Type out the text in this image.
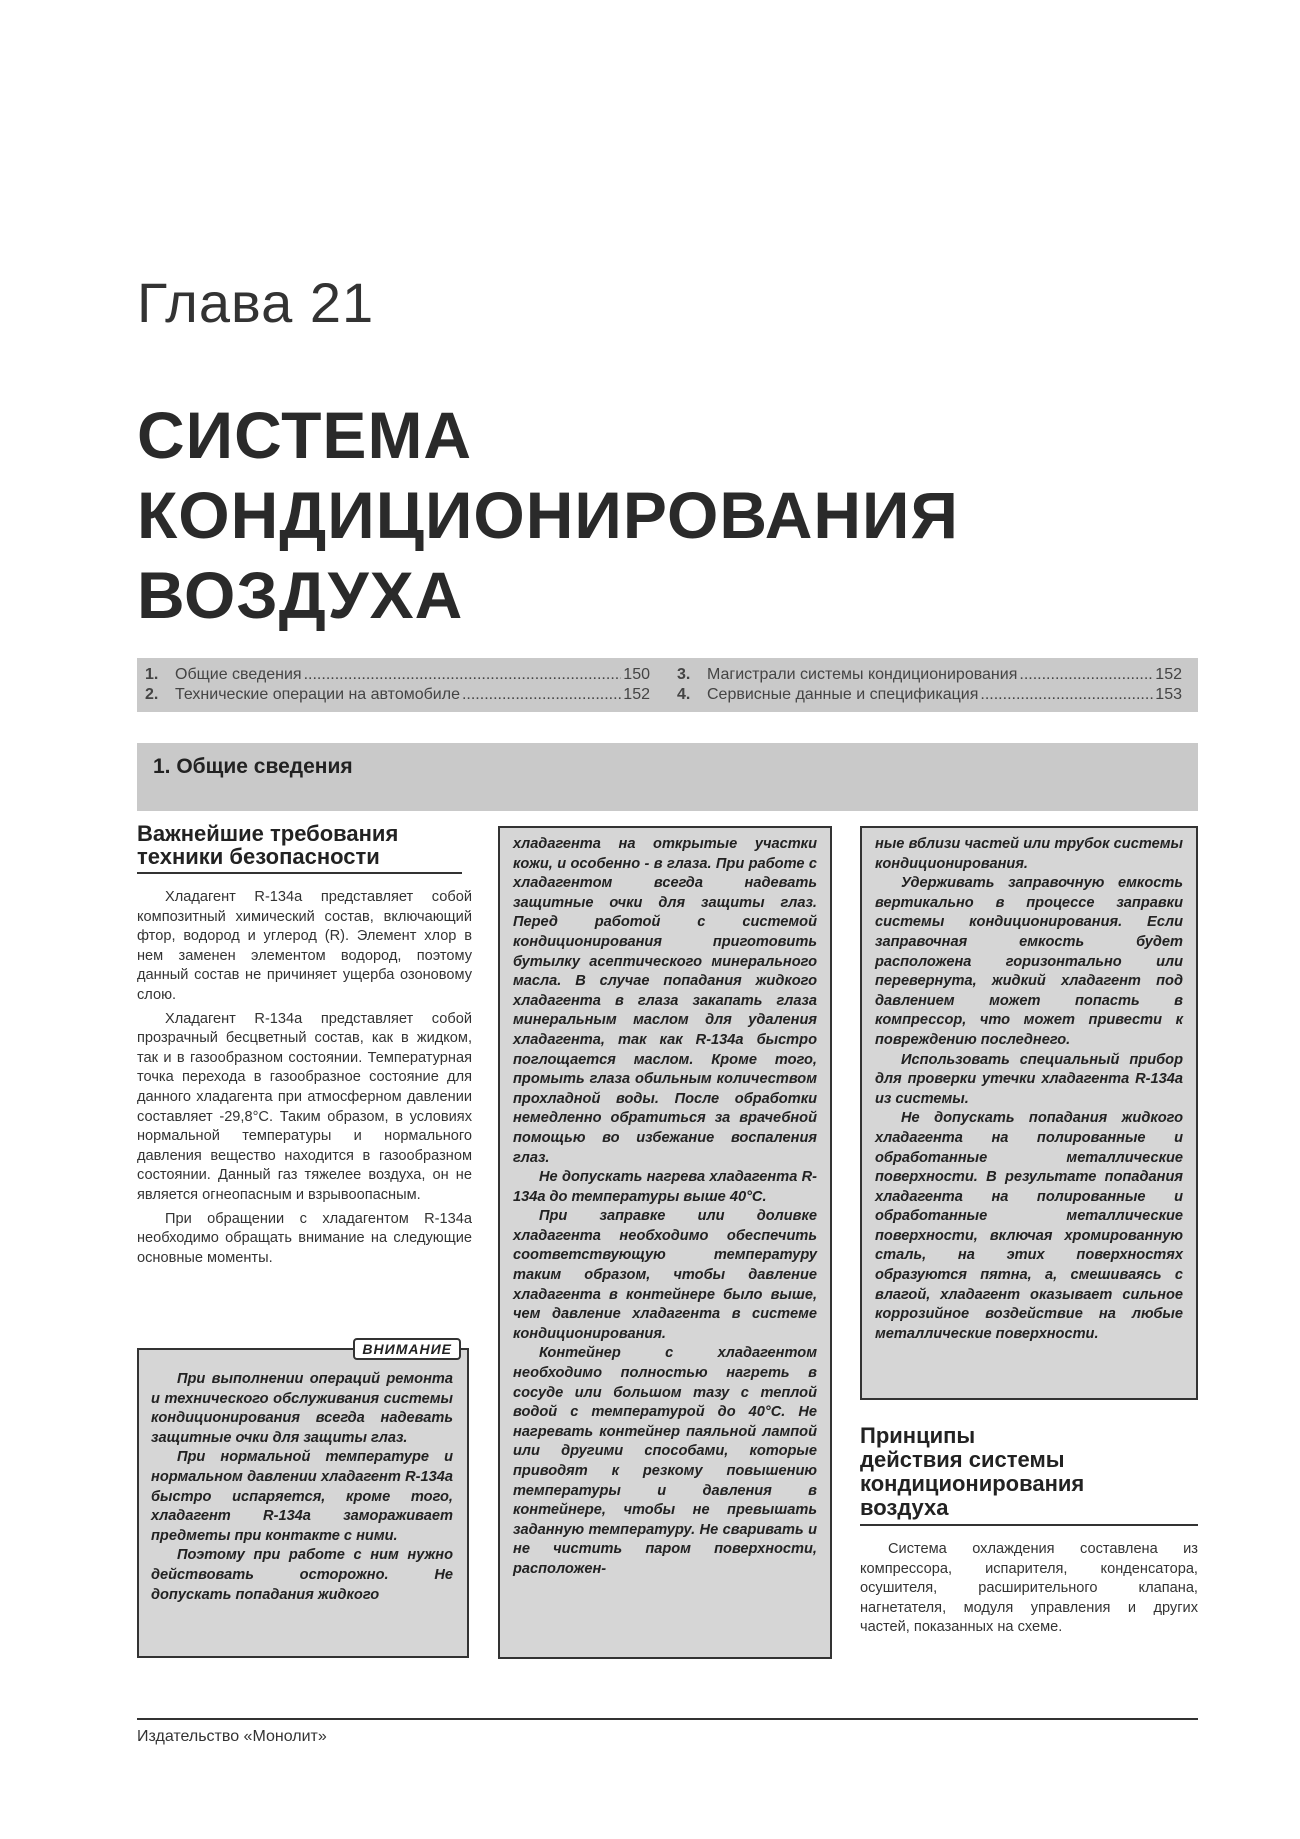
Глава 21
СИСТЕМА
КОНДИЦИОНИРОВАНИЯ
ВОЗДУХА
1.	Общие сведения .....	150
2.	Технические операции на автомобиле .....	152
3.	Магистрали системы кондиционирования .....	152
4.	Сервисные данные и спецификация .....	153
1. Общие сведения
Важнейшие требования
техники безопасности

Хладагент R-134a представляет собой композитный химический состав, включающий фтор, водород и углерод (R). Элемент хлор в нем заменен элементом водород, поэтому данный состав не причиняет ущерба озоновому слою.

Хладагент R-134a представляет собой прозрачный бесцветный состав, как в жидком, так и в газообразном состоянии. Температурная точка перехода в газообразное состояние для данного хладагента при атмосферном давлении составляет -29,8°С. Таким образом, в условиях нормальной температуры и нормального давления вещество находится в газообразном состоянии. Данный газ тяжелее воздуха, он не является огнеопасным и взрывоопасным.

При обращении с хладагентом R-134a необходимо обращать внимание на следующие основные моменты.

ВНИМАНИЕ

При выполнении операций ремонта и технического обслуживания системы кондиционирования всегда надевать защитные очки для защиты глаз.

При нормальной температуре и нормальном давлении хладагент R-134a быстро испаряется, кроме того, хладагент R-134a замораживает предметы при контакте с ними.

Поэтому при работе с ним нужно действовать осторожно. Не допускать попадания жидкого

хладагента на открытые участки кожи, и особенно - в глаза. При работе с хладагентом всегда надевать защитные очки для защиты глаз. Перед работой с системой кондиционирования приготовить бутылку асептического минерального масла. В случае попадания жидкого хладагента в глаза закапать глаза минеральным маслом для удаления хладагента, так как R-134a быстро поглощается маслом. Кроме того, промыть глаза обильным количеством прохладной воды. После обработки немедленно обратиться за врачебной помощью во избежание воспаления глаз.

Не допускать нагрева хладагента R-134a до температуры выше 40°С.

При заправке или доливке хладагента необходимо обеспечить соответствующую температуру таким образом, чтобы давление хладагента в контейнере было выше, чем давление хладагента в системе кондиционирования.

Контейнер с хладагентом необходимо полностью нагреть в сосуде или большом тазу с теплой водой с температурой до 40°С. Не нагревать контейнер паяльной лампой или другими способами, которые приводят к резкому повышению температуры и давления в контейнере, чтобы не превышать заданную температуру. Не сваривать и не чистить паром поверхности, расположен-

ные вблизи частей или трубок системы кондиционирования.

Удерживать заправочную емкость вертикально в процессе заправки системы кондиционирования. Если заправочная емкость будет расположена горизонтально или перевернута, жидкий хладагент под давлением может попасть в компрессор, что может привести к повреждению последнего.

Использовать специальный прибор для проверки утечки хладагента R-134a из системы.

Не допускать попадания жидкого хладагента на полированные и обработанные металлические поверхности. В результате попадания хладагента на полированные и обработанные металлические поверхности, включая хромированную сталь, на этих поверхностях образуются пятна, а, смешиваясь с влагой, хладагент оказывает сильное коррозийное воздействие на любые металлические поверхности.

Принципы
действия системы
кондиционирования
воздуха

Система охлаждения составлена из компрессора, испарителя, конденсатора, осушителя, расширительного клапана, нагнетателя, модуля управления и других частей, показанных на схеме.

Издательство «Монолит»
